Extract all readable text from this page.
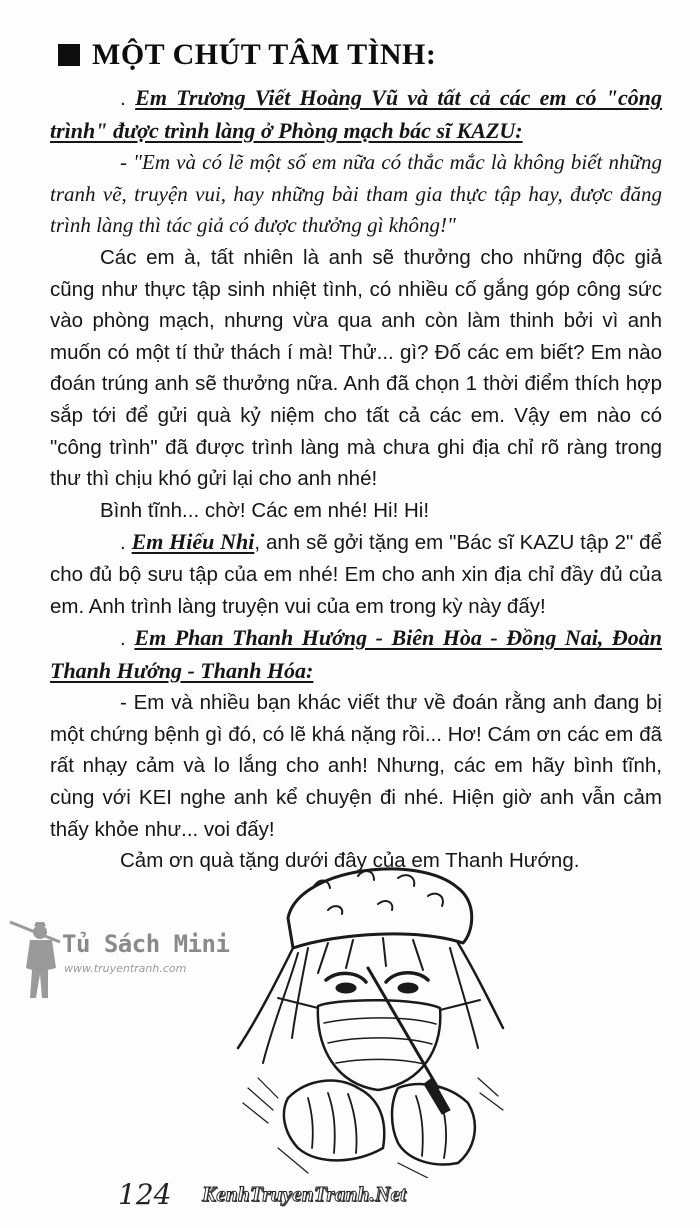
MỘT CHÚT TÂM TÌNH:

. Em Trương Viết Hoàng Vũ và tất cả các em có "công trình" được trình làng ở Phòng mạch bác sĩ KAZU:

- "Em và có lẽ một số em nữa có thắc mắc là không biết những tranh vẽ, truyện vui, hay những bài tham gia thực tập hay, được đăng trình làng thì tác giả có được thưởng gì không!"

Các em à, tất nhiên là anh sẽ thưởng cho những độc giả cũng như thực tập sinh nhiệt tình, có nhiều cố gắng góp công sức vào phòng mạch, nhưng vừa qua anh còn làm thinh bởi vì anh muốn có một tí thử thách í mà! Thử... gì? Đố các em biết? Em nào đoán trúng anh sẽ thưởng nữa. Anh đã chọn 1 thời điểm thích hợp sắp tới để gửi quà kỷ niệm cho tất cả các em. Vậy em nào có "công trình" đã được trình làng mà chưa ghi địa chỉ rõ ràng trong thư thì chịu khó gửi lại cho anh nhé!

Bình tĩnh... chờ! Các em nhé! Hi! Hi!

. Em Hiếu Nhi, anh sẽ gởi tặng em "Bác sĩ KAZU tập 2" để cho đủ bộ sưu tập của em nhé! Em cho anh xin địa chỉ đầy đủ của em. Anh trình làng truyện vui của em trong kỳ này đấy!

. Em Phan Thanh Hướng - Biên Hòa - Đồng Nai, Đoàn Thanh Hướng - Thanh Hóa:

- Em và nhiều bạn khác viết thư về đoán rằng anh đang bị một chứng bệnh gì đó, có lẽ khá nặng rồi... Hơ! Cám ơn các em đã rất nhạy cảm và lo lắng cho anh! Nhưng, các em hãy bình tĩnh, cùng với KEI nghe anh kể chuyện đi nhé. Hiện giờ anh vẫn cảm thấy khỏe như... voi đấy!

Cảm ơn quà tặng dưới đây của em Thanh Hướng.

Tủ Sách Mini
www.truyentranh.com
124 KenhTruyenTranh.Net
